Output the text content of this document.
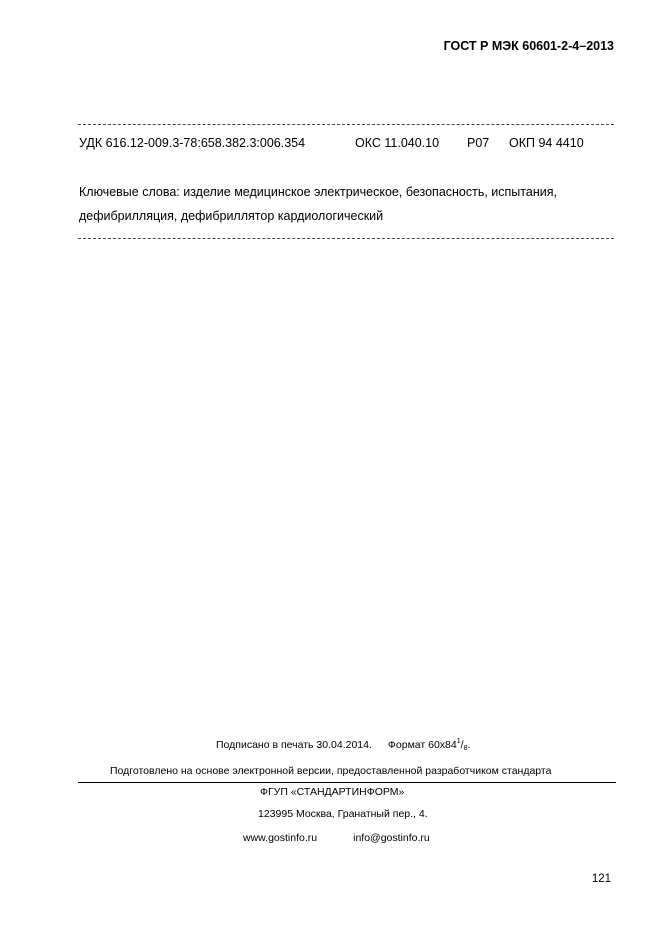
ГОСТ Р МЭК 60601-2-4–2013
УДК 616.12-009.3-78:658.382.3:006.354	ОКС 11.040.10 Р07 ОКП 94 4410

Ключевые слова: изделие медицинское электрическое, безопасность, испытания,

дефибрилляция, дефибриллятор кардиологический

Подписано в печать 30.04.2014. Формат $60x84^1/_8$.
Подготовлено на основе электронной версии, предоставленной разработчиком стандарта
ФГУП «СТАНДАРТИНФОРМ»
123995 Москва, Гранатный пер., 4.
www.gostinfo.ru	info@gostinfo.ru
121
